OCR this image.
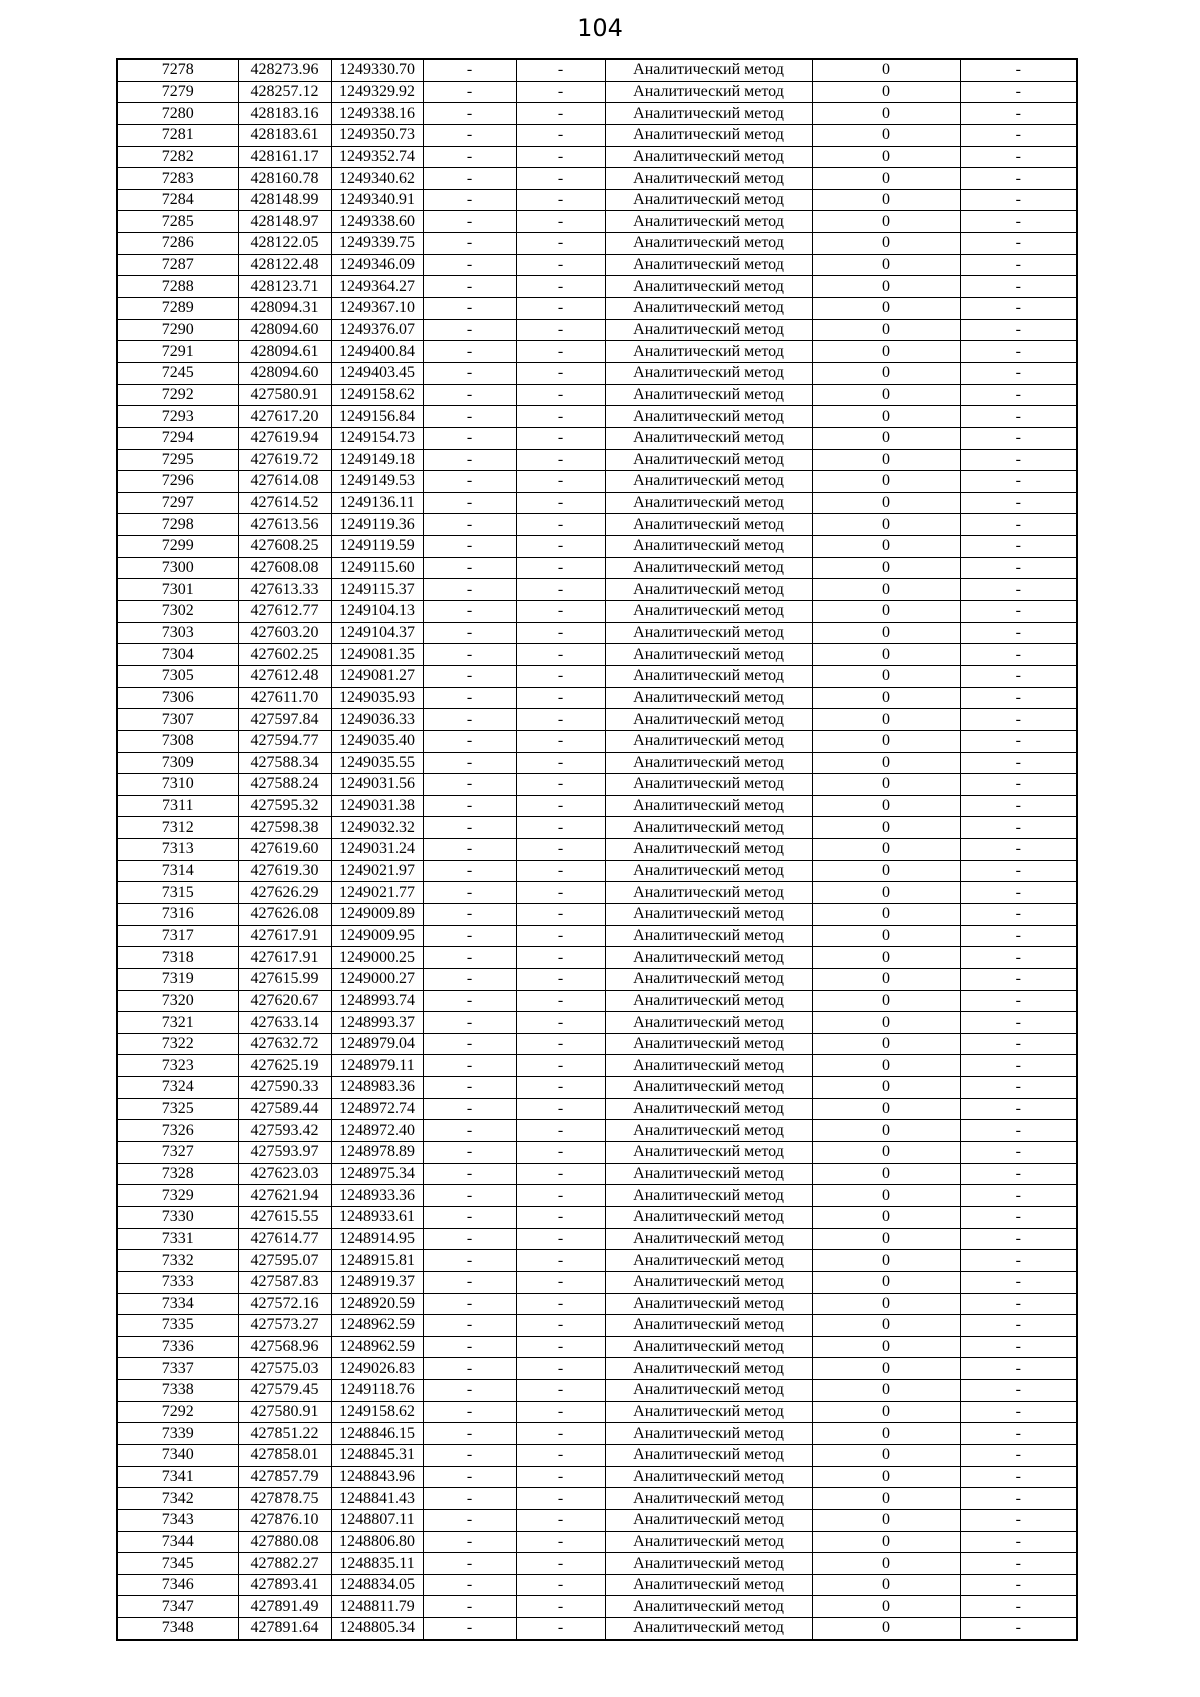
104
7278	428273.96	1249330.70	-	-	Аналитический метод	0	-
7279	428257.12	1249329.92	-	-	Аналитический метод	0	-
7280	428183.16	1249338.16	-	-	Аналитический метод	0	-
7281	428183.61	1249350.73	-	-	Аналитический метод	0	-
7282	428161.17	1249352.74	-	-	Аналитический метод	0	-
7283	428160.78	1249340.62	-	-	Аналитический метод	0	-
7284	428148.99	1249340.91	-	-	Аналитический метод	0	-
7285	428148.97	1249338.60	-	-	Аналитический метод	0	-
7286	428122.05	1249339.75	-	-	Аналитический метод	0	-
7287	428122.48	1249346.09	-	-	Аналитический метод	0	-
7288	428123.71	1249364.27	-	-	Аналитический метод	0	-
7289	428094.31	1249367.10	-	-	Аналитический метод	0	-
7290	428094.60	1249376.07	-	-	Аналитический метод	0	-
7291	428094.61	1249400.84	-	-	Аналитический метод	0	-
7245	428094.60	1249403.45	-	-	Аналитический метод	0	-
7292	427580.91	1249158.62	-	-	Аналитический метод	0	-
7293	427617.20	1249156.84	-	-	Аналитический метод	0	-
7294	427619.94	1249154.73	-	-	Аналитический метод	0	-
7295	427619.72	1249149.18	-	-	Аналитический метод	0	-
7296	427614.08	1249149.53	-	-	Аналитический метод	0	-
7297	427614.52	1249136.11	-	-	Аналитический метод	0	-
7298	427613.56	1249119.36	-	-	Аналитический метод	0	-
7299	427608.25	1249119.59	-	-	Аналитический метод	0	-
7300	427608.08	1249115.60	-	-	Аналитический метод	0	-
7301	427613.33	1249115.37	-	-	Аналитический метод	0	-
7302	427612.77	1249104.13	-	-	Аналитический метод	0	-
7303	427603.20	1249104.37	-	-	Аналитический метод	0	-
7304	427602.25	1249081.35	-	-	Аналитический метод	0	-
7305	427612.48	1249081.27	-	-	Аналитический метод	0	-
7306	427611.70	1249035.93	-	-	Аналитический метод	0	-
7307	427597.84	1249036.33	-	-	Аналитический метод	0	-
7308	427594.77	1249035.40	-	-	Аналитический метод	0	-
7309	427588.34	1249035.55	-	-	Аналитический метод	0	-
7310	427588.24	1249031.56	-	-	Аналитический метод	0	-
7311	427595.32	1249031.38	-	-	Аналитический метод	0	-
7312	427598.38	1249032.32	-	-	Аналитический метод	0	-
7313	427619.60	1249031.24	-	-	Аналитический метод	0	-
7314	427619.30	1249021.97	-	-	Аналитический метод	0	-
7315	427626.29	1249021.77	-	-	Аналитический метод	0	-
7316	427626.08	1249009.89	-	-	Аналитический метод	0	-
7317	427617.91	1249009.95	-	-	Аналитический метод	0	-
7318	427617.91	1249000.25	-	-	Аналитический метод	0	-
7319	427615.99	1249000.27	-	-	Аналитический метод	0	-
7320	427620.67	1248993.74	-	-	Аналитический метод	0	-
7321	427633.14	1248993.37	-	-	Аналитический метод	0	-
7322	427632.72	1248979.04	-	-	Аналитический метод	0	-
7323	427625.19	1248979.11	-	-	Аналитический метод	0	-
7324	427590.33	1248983.36	-	-	Аналитический метод	0	-
7325	427589.44	1248972.74	-	-	Аналитический метод	0	-
7326	427593.42	1248972.40	-	-	Аналитический метод	0	-
7327	427593.97	1248978.89	-	-	Аналитический метод	0	-
7328	427623.03	1248975.34	-	-	Аналитический метод	0	-
7329	427621.94	1248933.36	-	-	Аналитический метод	0	-
7330	427615.55	1248933.61	-	-	Аналитический метод	0	-
7331	427614.77	1248914.95	-	-	Аналитический метод	0	-
7332	427595.07	1248915.81	-	-	Аналитический метод	0	-
7333	427587.83	1248919.37	-	-	Аналитический метод	0	-
7334	427572.16	1248920.59	-	-	Аналитический метод	0	-
7335	427573.27	1248962.59	-	-	Аналитический метод	0	-
7336	427568.96	1248962.59	-	-	Аналитический метод	0	-
7337	427575.03	1249026.83	-	-	Аналитический метод	0	-
7338	427579.45	1249118.76	-	-	Аналитический метод	0	-
7292	427580.91	1249158.62	-	-	Аналитический метод	0	-
7339	427851.22	1248846.15	-	-	Аналитический метод	0	-
7340	427858.01	1248845.31	-	-	Аналитический метод	0	-
7341	427857.79	1248843.96	-	-	Аналитический метод	0	-
7342	427878.75	1248841.43	-	-	Аналитический метод	0	-
7343	427876.10	1248807.11	-	-	Аналитический метод	0	-
7344	427880.08	1248806.80	-	-	Аналитический метод	0	-
7345	427882.27	1248835.11	-	-	Аналитический метод	0	-
7346	427893.41	1248834.05	-	-	Аналитический метод	0	-
7347	427891.49	1248811.79	-	-	Аналитический метод	0	-
7348	427891.64	1248805.34	-	-	Аналитический метод	0	-
